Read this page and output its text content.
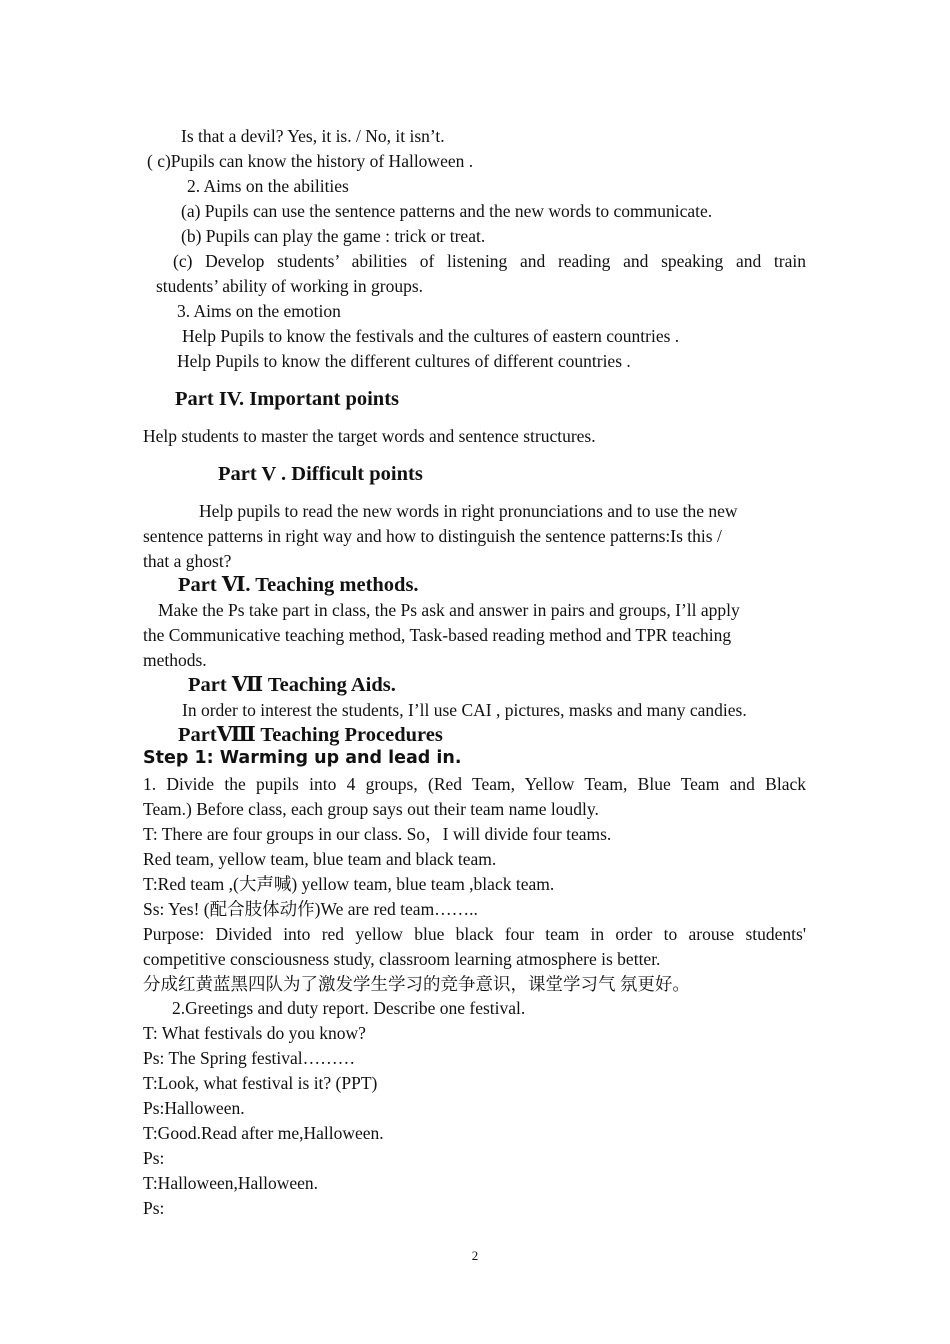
Is that a devil? Yes, it is. / No, it isn’t.
( c)Pupils can know the history of Halloween .
2. Aims on the abilities
(a) Pupils can use the sentence patterns and the new words to communicate.
(b) Pupils can play the game : trick or treat.
(c) Develop students’ abilities of listening and reading and speaking and train
students’ ability of working in groups.
3. Aims on the emotion
Help Pupils to know the festivals and the cultures of eastern countries .
Help Pupils to know the different cultures of different countries .
Part IV. Important points
Help students to master the target words and sentence structures.
Part V . Difficult points
Help pupils to read the new words in right pronunciations and to use the new
sentence patterns in right way and how to distinguish the sentence patterns:Is this /
that a ghost?
Part Ⅵ. Teaching methods.
Make the Ps take part in class, the Ps ask and answer in pairs and groups, I’ll apply
the Communicative teaching method, Task-based reading method and TPR teaching
methods.
Part Ⅶ Teaching Aids.
In order to interest the students, I’ll use CAI , pictures, masks and many candies.
PartⅧ Teaching Procedures
Step 1: Warming up and lead in.
1. Divide the pupils into 4 groups, (Red Team, Yellow Team, Blue Team and Black
Team.) Before class, each group says out their team name loudly.
T: There are four groups in our class. So，I will divide four teams.
Red team, yellow team, blue team and black team.
T:Red team ,(大声喊) yellow team, blue team ,black team.
Ss: Yes! (配合肢体动作)We are red team……..
Purpose: Divided into red yellow blue black four team in order to arouse students'
competitive consciousness study, classroom learning atmosphere is better.
分成红黄蓝黑四队为了激发学生学习的竞争意识，课堂学习气 氛更好。
2.Greetings and duty report. Describe one festival.
T: What festivals do you know?
Ps: The Spring festival………
T:Look, what festival is it? (PPT)
Ps:Halloween.
T:Good.Read after me,Halloween.
Ps:
T:Halloween,Halloween.
Ps:
2
